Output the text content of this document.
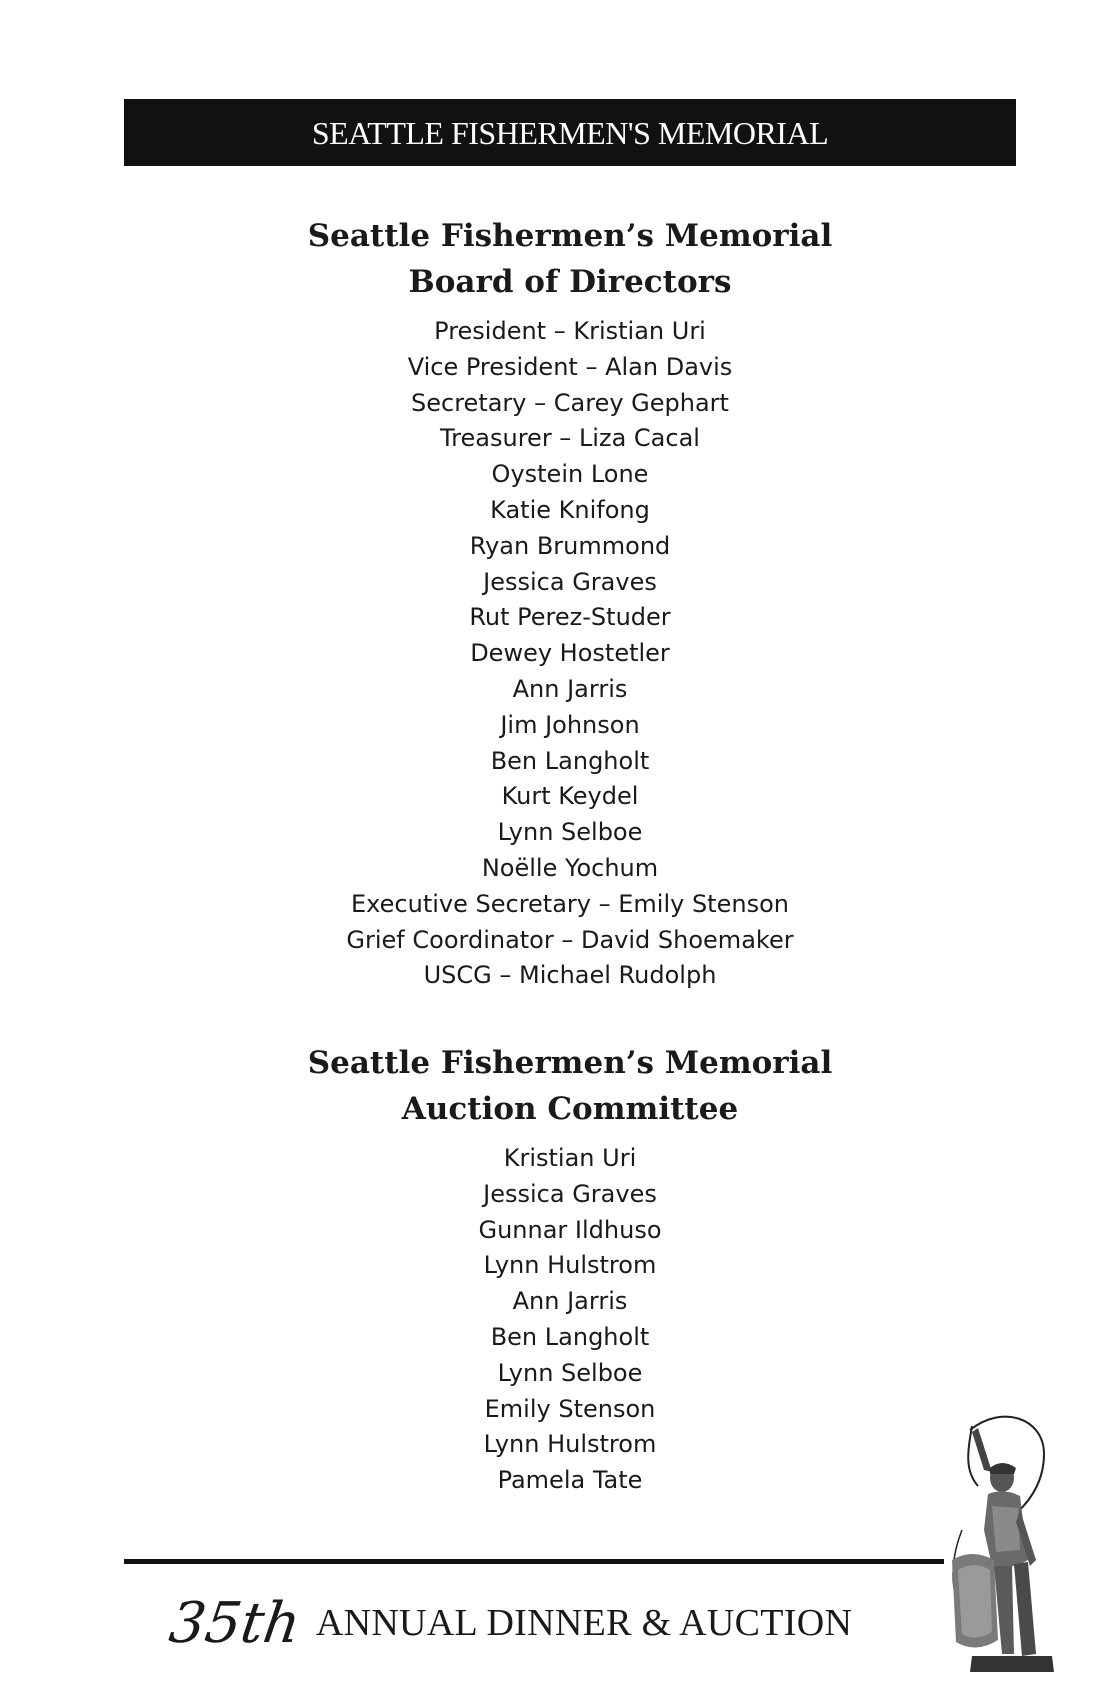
SEATTLE FISHERMEN'S MEMORIAL
Seattle Fishermen’s Memorial
Board of Directors
President – Kristian Uri
Vice President – Alan Davis
Secretary – Carey Gephart
Treasurer – Liza Cacal
Oystein Lone
Katie Knifong
Ryan Brummond
Jessica Graves
Rut Perez-Studer
Dewey Hostetler
Ann Jarris
Jim Johnson
Ben Langholt
Kurt Keydel
Lynn Selboe
Noëlle Yochum
Executive Secretary – Emily Stenson
Grief Coordinator – David Shoemaker
USCG – Michael Rudolph
Seattle Fishermen’s Memorial
Auction Committee
Kristian Uri
Jessica Graves
Gunnar Ildhuso
Lynn Hulstrom
Ann Jarris
Ben Langholt
Lynn Selboe
Emily Stenson
Lynn Hulstrom
Pamela Tate
35th ANNUAL DINNER & AUCTION
